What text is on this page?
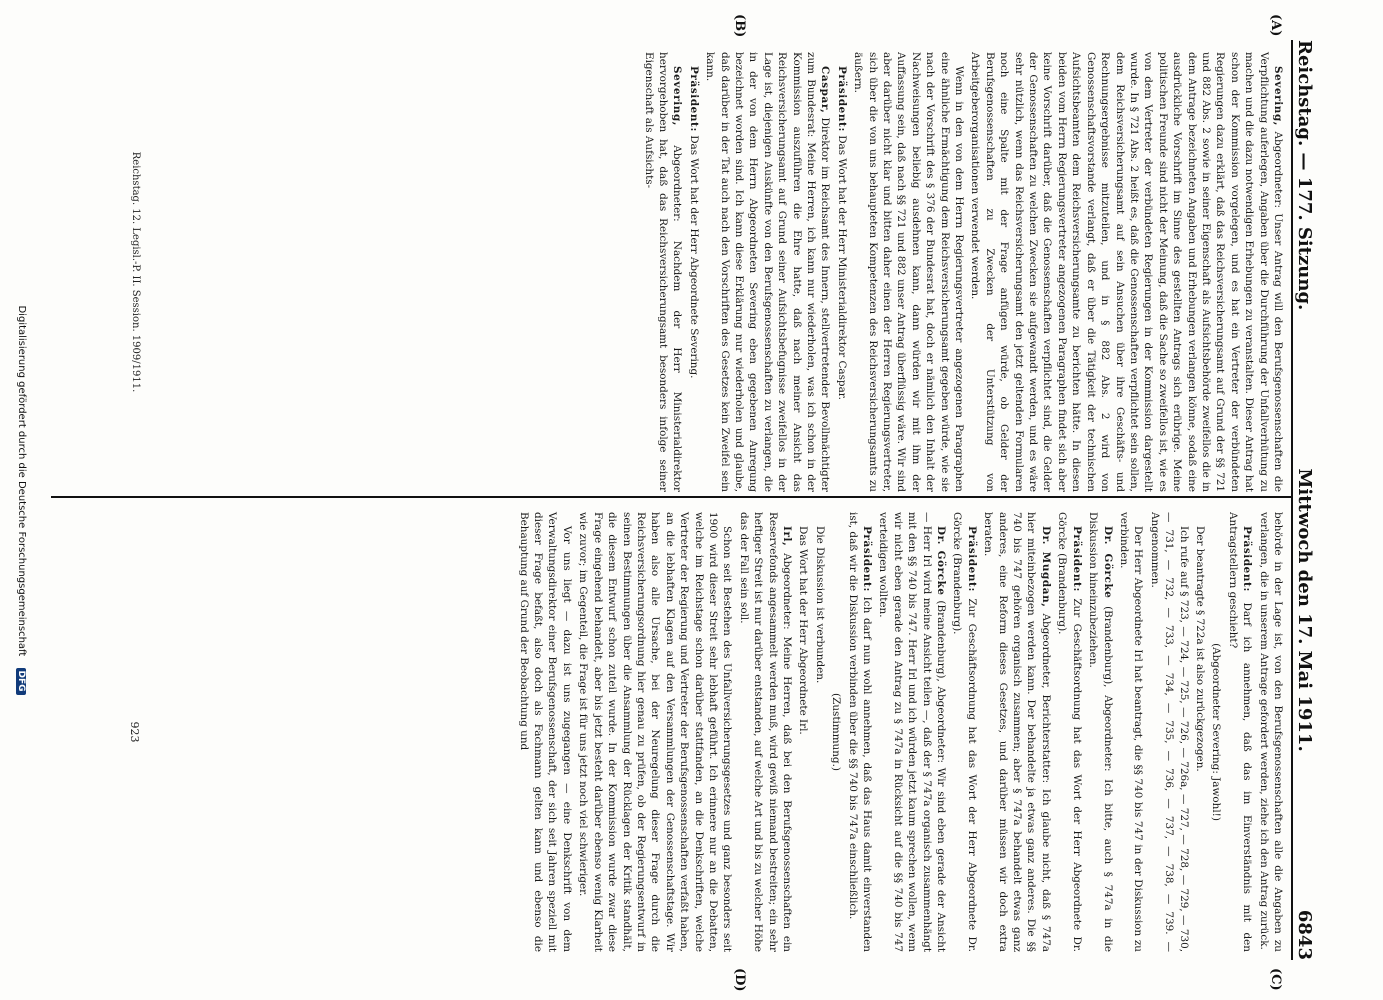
Reichstag. — 177. Sitzung.
Mittwoch den 17. Mai 1911.
6843
(A)
(B)
(C)
(D)

Severing, Abgeordneter: Unser Antrag will den Berufsgenossenschaften die Verpflichtung auferlegen, Angaben über die Durchführung der Unfallverhütung zu machen und die dazu notwendigen Erhebungen zu veranstalten. Dieser Antrag hat schon der Kommission vorgelegen, und es hat ein Vertreter der verbündeten Regierungen dazu erklärt, daß das Reichsversicherungsamt auf Grund der §§ 721 und 882 Abs. 2 sowie in seiner Eigenschaft als Aufsichtsbehörde zweifellos die in dem Antrage bezeichneten Angaben und Erhebungen verlangen könne, sodaß eine ausdrückliche Vorschrift im Sinne des gestellten Antrags sich erübrige. Meine politischen Freunde sind nicht der Meinung, daß die Sache so zweifellos ist, wie es von dem Vertreter der verbündeten Regierungen in der Kommission dargestellt wurde. In § 721 Abs. 2 heißt es, daß die Genossenschaften verpflichtet sein sollen, dem Reichsversicherungsamt auf sein Ansuchen über ihre Geschäfts- und Rechnungsergebnisse mitzuteilen, und in § 882 Abs. 2 wird von Genossenschaftsvorstande verlangt, daß er über die Tätigkeit der technischen Aufsichtsbeamten dem Reichsversicherungsamte zu berichten hätte. In diesen beiden vom Herrn Regierungsvertreter angezogenen Paragraphen findet sich aber keine Vorschrift darüber, daß die Genossenschaften verpflichtet sind, die Gelder der Genossenschaften zu welchen Zwecken sie aufgewandt werden, und es wäre sehr nützlich, wenn das Reichsversicherungsamt den jetzt geltenden Formularen noch eine Spalte mit der Frage anfügen würde, ob Gelder der Berufsgenossenschaften zu Zwecken der Unterstützung von Arbeitgeberorganisationen verwendet werden.

Wenn in den von dem Herrn Regierungsvertreter angezogenen Paragraphen eine ähnliche Ermächtigung dem Reichsversicherungsamt gegeben würde, wie sie nach der Vorschrift des § 376 der Bundesrat hat, doch er nämlich den Inhalt der Nachweisungen beliebig ausdehnen kann, dann würden wir mit ihm der Auffassung sein, daß nach §§ 721 und 882 unser Antrag überflüssig wäre. Wir sind aber darüber nicht klar und bitten daher einen der Herren Regierungsvertreter, sich über die von uns behaupteten Kompetenzen des Reichsversicherungsamts zu äußern.

Präsident: Das Wort hat der Herr Ministerialdirektor Caspar.

Caspar, Direktor im Reichsamt des Innern, stellvertretender Bevollmächtigter zum Bundesrat: Meine Herren, ich kann nur wiederholen, was ich schon in der Kommission auszuführen die Ehre hatte, daß nach meiner Ansicht das Reichsversicherungsamt auf Grund seiner Aufsichtsbefugnisse zweifellos in der Lage ist, diejenigen Auskünfte von den Berufsgenossenschaften zu verlangen, die in der von dem Herrn Abgeordneten Severing eben gegebenen Anregung bezeichnet worden sind. Ich kann diese Erklärung nur wiederholen und glaube, daß darüber in der Tat auch nach den Vorschriften des Gesetzes kein Zweifel sein kann.

Präsident: Das Wort hat der Herr Abgeordnete Severing.

Severing, Abgeordneter: Nachdem der Herr Ministerialdirektor hervorgehoben hat, daß das Reichsversicherungsamt besonders infolge seiner Eigenschaft als Aufsichts-

behörde in der Lage ist, von den Berufsgenossenschaften alle die Angaben zu verlangen, die in unserem Antrage gefordert werden, ziehe ich den Antrag zurück.

Präsident: Darf ich annehmen, daß das im Einverständnis mit den Antragstellern geschieht?

(Abgeordneter Severing: Jawohl!)

Der beantragte § 722a ist also zurückgezogen.

Ich rufe auf § 723, — 724, — 725, — 726, — 726a, — 727, — 728, — 729, — 730, — 731, — 732, — 733, — 734, — 735, — 736, — 737, — 738, — 739. — Angenommen.

Der Herr Abgeordnete Irl hat beantragt, die §§ 740 bis 747 in der Diskussion zu verbinden.

Dr. Görcke (Brandenburg), Abgeordneter: Ich bitte, auch § 747a in die Diskussion hineinzubeziehen.

Präsident: Zur Geschäftsordnung hat das Wort der Herr Abgeordnete Dr. Görcke (Brandenburg).

Dr. Mugdan, Abgeordneter, Berichterstatter: Ich glaube nicht, daß § 747a hier miteinbezogen werden kann. Der behandelte ja etwas ganz anderes. Die §§ 740 bis 747 gehören organisch zusammen; aber § 747a behandelt etwas ganz anderes, eine Reform dieses Gesetzes, und darüber müssen wir doch extra beraten.

Präsident: Zur Geschäftsordnung hat das Wort der Herr Abgeordnete Dr. Görcke (Brandenburg).

Dr. Görcke (Brandenburg), Abgeordneter: Wir sind eben gerade der Ansicht — Herr Irl wird meine Ansicht teilen —, daß der § 747a organisch zusammenhängt mit den §§ 740 bis 747. Herr Irl und ich würden jetzt kaum sprechen wollen, wenn wir nicht eben gerade den Antrag zu § 747a in Rücksicht auf die §§ 740 bis 747 verteidigen wollten.

Präsident: Ich darf nun wohl annehmen, daß das Haus damit einverstanden ist, daß wir die Diskussion verbinden über die §§ 740 bis 747a einschließlich.

(Zustimmung.)

Die Diskussion ist verbunden.

Das Wort hat der Herr Abgeordnete Irl.

Irl, Abgeordneter: Meine Herren, daß bei den Berufsgenossenschaften ein Reservefonds angesammelt werden muß, wird gewiß niemand bestreiten; ein sehr heftiger Streit ist nur darüber entstanden, auf welche Art und bis zu welcher Höhe das der Fall sein soll.

Schon seit Bestehen des Unfallversicherungsgesetzes und ganz besonders seit 1900 wird dieser Streit sehr lebhaft geführt. Ich erinnere nur an die Debatten, welche im Reichstage schon darüber stattfanden, an die Denkschriften, welche Vertreter der Regierung und Vertreter der Berufsgenossenschaften verfaßt haben, an die lebhaften Klagen auf den Versammlungen der Genossenschaftstage. Wir haben also alle Ursache, bei der Neuregelung dieser Frage durch die Reichsversicherungsordnung hier genau zu prüfen, ob der Regierungsentwurf in seinen Bestimmungen über die Ansammlung der Rücklagen der Kritik standhält, die diesem Entwurf schon zuteil wurde. In der Kommission wurde zwar diese Frage eingehend behandelt, aber bis jetzt besteht darüber ebenso wenig Klarheit wie zuvor; im Gegenteil, die Frage ist für uns jetzt noch viel schwieriger.

Vor uns liegt — dazu ist uns zugegangen — eine Denkschrift von dem Verwaltungsdirektor einer Berufsgenossenschaft, der sich seit Jahren speziell mit dieser Frage befaßt, also doch als Fachmann gelten kann und ebenso die Behauptung auf Grund der Beobachtung und

Reichstag. 12. Legisl.-P. II. Session. 1909/1911.
923
Digitalisierung gefördert durch die Deutsche Forschungsgemeinschaft DFG
